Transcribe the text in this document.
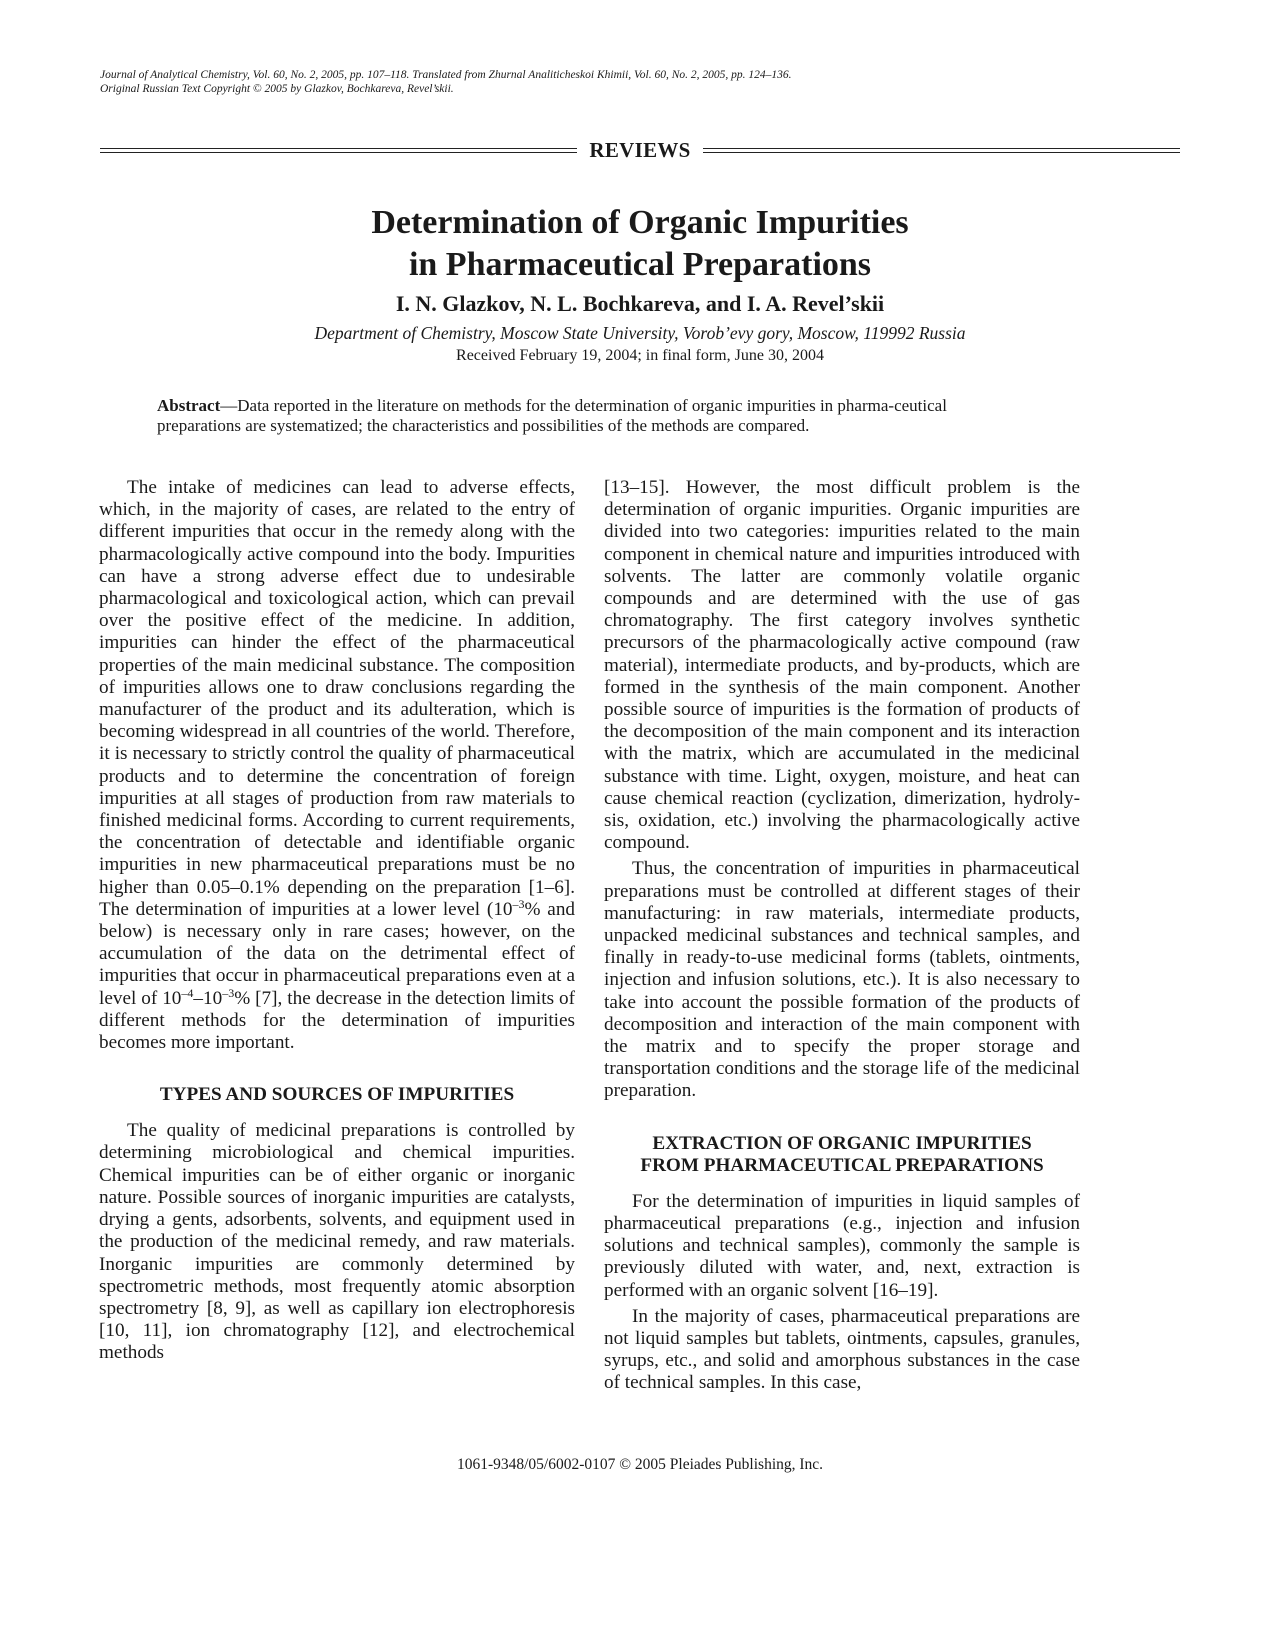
Journal of Analytical Chemistry, Vol. 60, No. 2, 2005, pp. 107–118. Translated from Zhurnal Analiticheskoi Khimii, Vol. 60, No. 2, 2005, pp. 124–136.
Original Russian Text Copyright © 2005 by Glazkov, Bochkareva, Revel’skii.
REVIEWS
Determination of Organic Impurities
in Pharmaceutical Preparations
I. N. Glazkov, N. L. Bochkareva, and I. A. Revel’skii
Department of Chemistry, Moscow State University, Vorob’evy gory, Moscow, 119992 Russia
Received February 19, 2004; in final form, June 30, 2004
Abstract—Data reported in the literature on methods for the determination of organic impurities in pharma-ceutical preparations are systematized; the characteristics and possibilities of the methods are compared.

The intake of medicines can lead to adverse effects, which, in the majority of cases, are related to the entry of different impurities that occur in the remedy along with the pharmacologically active compound into the body. Impurities can have a strong adverse effect due to undesirable pharmacological and toxicological action, which can prevail over the positive effect of the medicine. In addition, impurities can hinder the effect of the pharmaceutical properties of the main medicinal substance. The composition of impurities allows one to draw conclusions regarding the manufacturer of the product and its adulteration, which is becoming widespread in all countries of the world. Therefore, it is necessary to strictly control the quality of pharmaceutical products and to determine the concentration of foreign impurities at all stages of production from raw materials to finished medicinal forms. According to current requirements, the concentration of detectable and identifiable organic impurities in new pharmaceutical preparations must be no higher than 0.05–0.1% depending on the preparation [1–6]. The determination of impurities at a lower level ($10^{-3}\%$ and below) is necessary only in rare cases; however, on the accumulation of the data on the detrimental effect of impurities that occur in pharmaceutical preparations even at a level of $10^{-4}-10^{-3}\%$ [7], the decrease in the detection limits of different methods for the determination of impurities becomes more important.

TYPES AND SOURCES OF IMPURITIES

The quality of medicinal preparations is controlled by determining microbiological and chemical impurities. Chemical impurities can be of either organic or inorganic nature. Possible sources of inorganic impurities are catalysts, drying a gents, adsorbents, solvents, and equipment used in the production of the medicinal remedy, and raw materials. Inorganic impurities are commonly determined by spectrometric methods, most frequently atomic absorption spectrometry [8, 9], as well as capillary ion electrophoresis [10, 11], ion chromatography [12], and electrochemical methods

[13–15]. However, the most difficult problem is the determination of organic impurities. Organic impurities are divided into two categories: impurities related to the main component in chemical nature and impurities introduced with solvents. The latter are commonly volatile organic compounds and are determined with the use of gas chromatography. The first category involves synthetic precursors of the pharmacologically active compound (raw material), intermediate products, and by-products, which are formed in the synthesis of the main component. Another possible source of impurities is the formation of products of the decomposition of the main component and its interaction with the matrix, which are accumulated in the medicinal substance with time. Light, oxygen, moisture, and heat can cause chemical reaction (cyclization, dimerization, hydrolysis, oxidation, etc.) involving the pharmacologically active compound.

Thus, the concentration of impurities in pharmaceutical preparations must be controlled at different stages of their manufacturing: in raw materials, intermediate products, unpacked medicinal substances and technical samples, and finally in ready-to-use medicinal forms (tablets, ointments, injection and infusion solutions, etc.). It is also necessary to take into account the possible formation of the products of decomposition and interaction of the main component with the matrix and to specify the proper storage and transportation conditions and the storage life of the medicinal preparation.

EXTRACTION OF ORGANIC IMPURITIES
FROM PHARMACEUTICAL PREPARATIONS

For the determination of impurities in liquid samples of pharmaceutical preparations (e.g., injection and infusion solutions and technical samples), commonly the sample is previously diluted with water, and, next, extraction is performed with an organic solvent [16–19].

In the majority of cases, pharmaceutical preparations are not liquid samples but tablets, ointments, capsules, granules, syrups, etc., and solid and amorphous substances in the case of technical samples. In this case,

1061-9348/05/6002-0107 © 2005 Pleiades Publishing, Inc.
